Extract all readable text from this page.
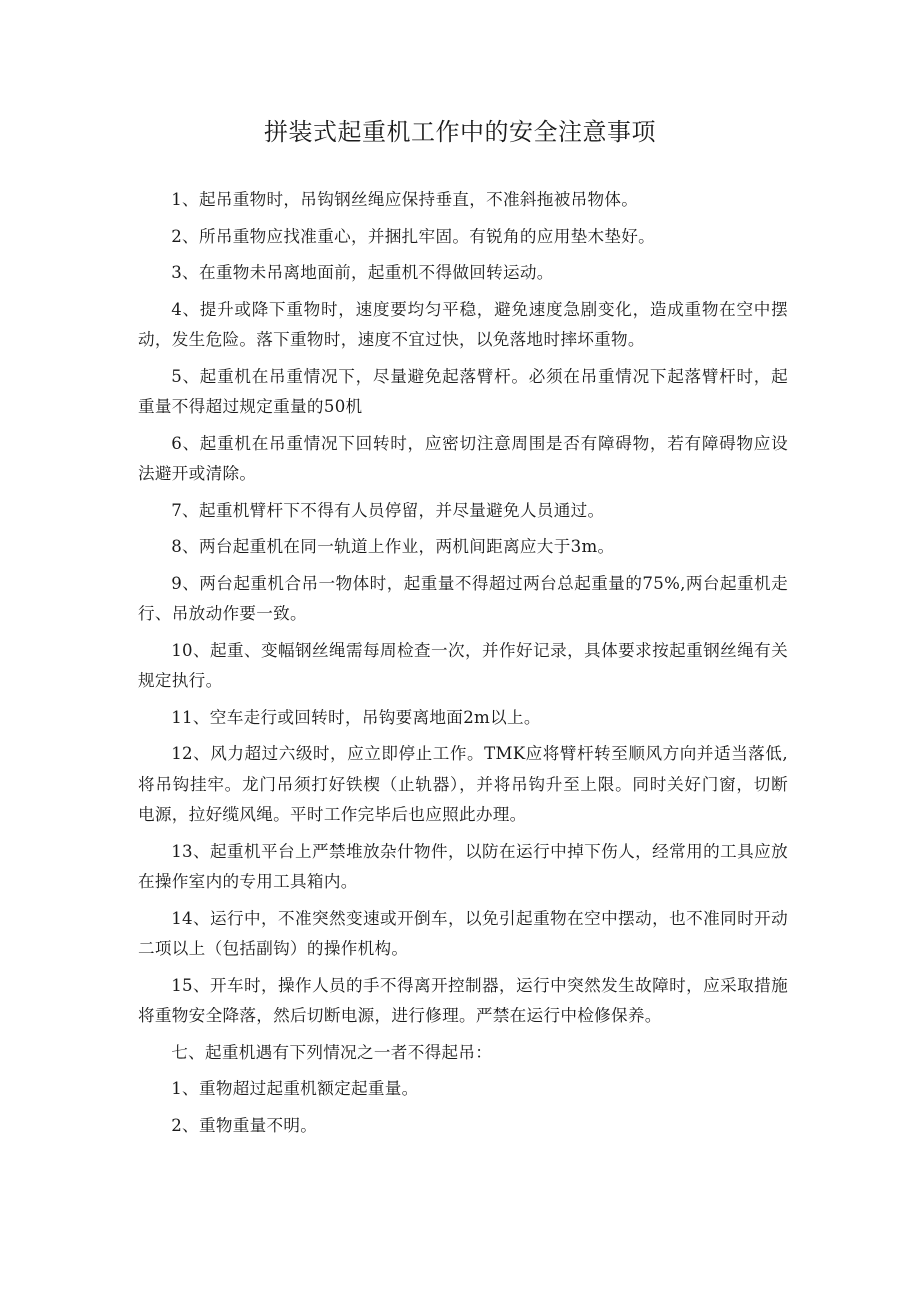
拼装式起重机工作中的安全注意事项

1、起吊重物时，吊钩钢丝绳应保持垂直，不准斜拖被吊物体。

2、所吊重物应找准重心，并捆扎牢固。有锐角的应用垫木垫好。

3、在重物未吊离地面前，起重机不得做回转运动。

4、提升或降下重物时，速度要均匀平稳，避免速度急剧变化，造成重物在空中摆动，发生危险。落下重物时，速度不宜过快，以免落地时摔坏重物。

5、起重机在吊重情况下，尽量避免起落臂杆。必须在吊重情况下起落臂杆时，起重量不得超过规定重量的50机

6、起重机在吊重情况下回转时，应密切注意周围是否有障碍物，若有障碍物应设法避开或清除。

7、起重机臂杆下不得有人员停留，并尽量避免人员通过。

8、两台起重机在同一轨道上作业，两机间距离应大于3m。

9、两台起重机合吊一物体时，起重量不得超过两台总起重量的75%,两台起重机走行、吊放动作要一致。

10、起重、变幅钢丝绳需每周检查一次，并作好记录，具体要求按起重钢丝绳有关规定执行。

11、空车走行或回转时，吊钩要离地面2m以上。

12、风力超过六级时，应立即停止工作。TMK应将臂杆转至顺风方向并适当落低,将吊钩挂牢。龙门吊须打好铁楔（止轨器），并将吊钩升至上限。同时关好门窗，切断电源，拉好缆风绳。平时工作完毕后也应照此办理。

13、起重机平台上严禁堆放杂什物件，以防在运行中掉下伤人，经常用的工具应放在操作室内的专用工具箱内。

14、运行中，不准突然变速或开倒车，以免引起重物在空中摆动，也不准同时开动二项以上（包括副钩）的操作机构。

15、开车时，操作人员的手不得离开控制器，运行中突然发生故障时，应采取措施将重物安全降落，然后切断电源，进行修理。严禁在运行中检修保养。

七、起重机遇有下列情况之一者不得起吊：

1、重物超过起重机额定起重量。

2、重物重量不明。
